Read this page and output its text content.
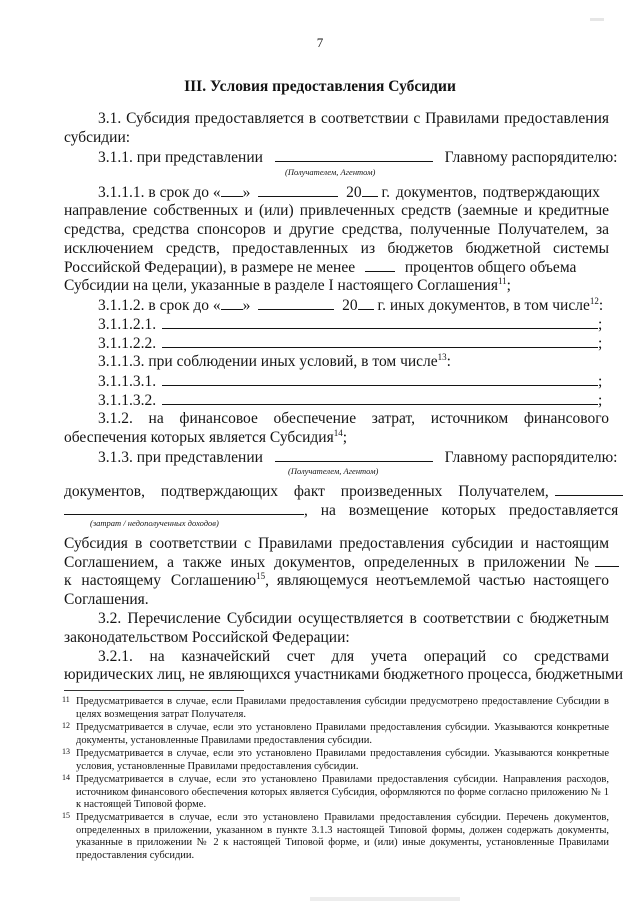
7
III. Условия предоставления Субсидии
3.1. Субсидия предоставляется в соответствии с Правилами предоставления
субсидии:
3.1.1. при представлении	Главному распорядителю:
(Получателем, Агентом)
3.1.1.1. в срок до « »	20 г. документов, подтверждающих
направление собственных и (или) привлеченных средств (заемные и кредитные
средства, средства спонсоров и другие средства, полученные Получателем, за
исключением средств, предоставленных из бюджетов бюджетной системы
Российской Федерации), в размере не менее	процентов общего объема
Субсидии на цели, указанные в разделе I настоящего Соглашения$^{11}$;
3.1.1.2. в срок до « »	20 г. иных документов, в том числе$^{12}$:
3.1.1.2.1.	;
3.1.1.2.2.	;
3.1.1.3. при соблюдении иных условий, в том числе$^{13}$:
3.1.1.3.1.	;
3.1.1.3.2.	;
3.1.2. на финансовое обеспечение затрат, источником финансового
обеспечения которых является Субсидия$^{14}$;
3.1.3. при представлении	Главному распорядителю:
(Получателем, Агентом)
документов, подтверждающих факт произведенных Получателем,
, на возмещение которых предоставляется
(затрат / недополученных доходов)
Субсидия в соответствии с Правилами предоставления субсидии и настоящим
Соглашением, а также иных документов, определенных в приложении №
к настоящему Соглашению$^{15}$, являющемуся неотъемлемой частью настоящего
Соглашения.
3.2. Перечисление Субсидии осуществляется в соответствии с бюджетным
законодательством Российской Федерации:
3.2.1. на казначейский счет для учета операций со средствами
юридических лиц, не являющихся участниками бюджетного процесса, бюджетными
11 Предусматривается в случае, если Правилами предоставления субсидии предусмотрено предоставление Субсидии в целях возмещения затрат Получателя.
12 Предусматривается в случае, если это установлено Правилами предоставления субсидии. Указываются конкретные документы, установленные Правилами предоставления субсидии.
13 Предусматривается в случае, если это установлено Правилами предоставления субсидии. Указываются конкретные условия, установленные Правилами предоставления субсидии.
14 Предусматривается в случае, если это установлено Правилами предоставления субсидии. Направления расходов, источником финансового обеспечения которых является Субсидия, оформляются по форме согласно приложению № 1 к настоящей Типовой форме.
15 Предусматривается в случае, если это установлено Правилами предоставления субсидии. Перечень документов, определенных в приложении, указанном в пункте 3.1.3 настоящей Типовой формы, должен содержать документы, указанные в приложении № 2 к настоящей Типовой форме, и (или) иные документы, установленные Правилами предоставления субсидии.
